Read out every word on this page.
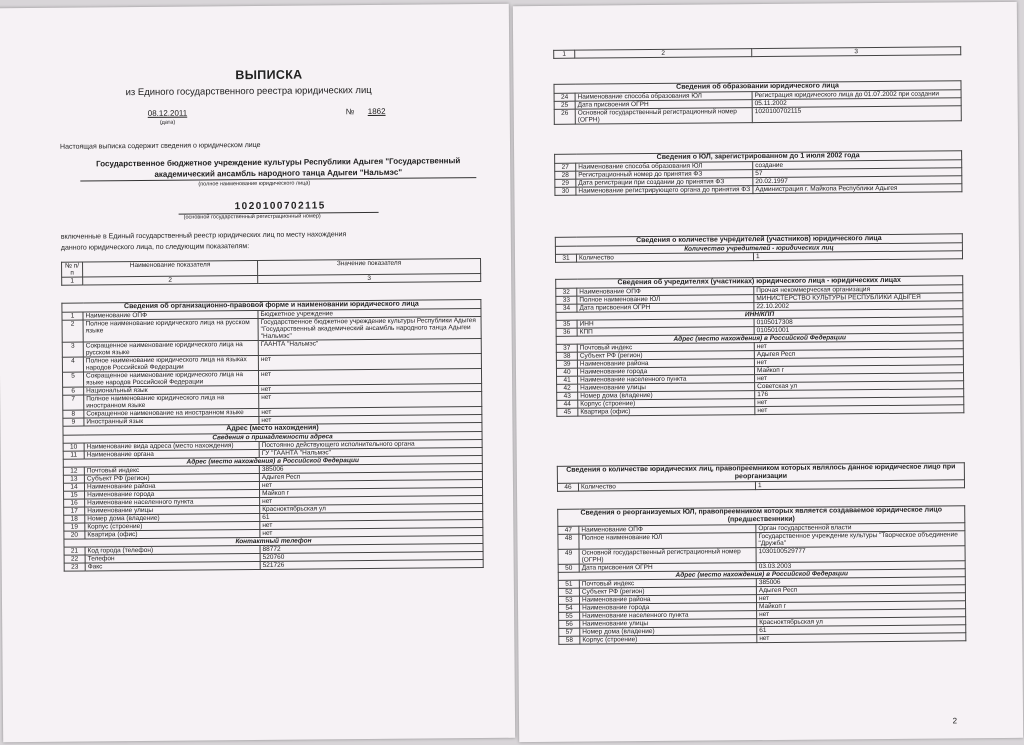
ВЫПИСКА
из Единого государственного реестра юридических лиц
08.12.2011
(дата)
№ 1862
Настоящая выписка содержит сведения о юридическом лице
Государственное бюджетное учреждение культуры Республики Адыгея "Государственный академический ансамбль народного танца Адыгеи "Нальмэс"
(полное наименование юридического лица)
1020100702115
(основной государственный регистрационный номер)
включенные в Единый государственный реестр юридических лиц по месту нахождения данного юридического лица, по следующим показателям:
№ п/п	Наименование показателя	Значение показателя
1	2	3
Сведения об организационно-правовой форме и наименовании юридического лица		
1	Наименование ОПФ	Бюджетное учреждение
2	Полное наименование юридического лица на русском языке	Государственное бюджетное учреждение культуры Республики Адыгея "Государственный академический ансамбль народного танца Адыгеи "Нальмэс"
3	Сокращенное наименование юридического лица на русском языке	ГААНТА "Нальмэс"
4	Полное наименование юридического лица на языках народов Российской Федерации	нет
5	Сокращенное наименование юридического лица на языке народов Российской Федерации	нет
6	Национальный язык	нет
7	Полное наименование юридического лица на иностранном языке	нет
8	Сокращенное наименование на иностранном языке	нет
9	Иностранный язык	нет
Адрес (место нахождения)		
Сведения о принадлежности адреса		
10	Наименование вида адреса (место нахождения)	Постоянно действующего исполнительного органа
11	Наименование органа	ГУ "ГААНТА "Нальмэс"
Адрес (место нахождения) в Российской Федерации		
12	Почтовый индекс	385006
13	Субъект РФ (регион)	Адыгея Респ
14	Наименование района	нет
15	Наименование города	Майкоп г
16	Наименование населенного пункта	нет
17	Наименование улицы	Красноктябрьская ул
18	Номер дома (владение)	61
19	Корпус (строение)	нет
20	Квартира (офис)	нет
Контактный телефон		
21	Код города (телефон)	88772
22	Телефон	520760
23	Факс	521726
1	2	3
Сведения об образовании юридического лица		
24	Наименование способа образования ЮЛ	Регистрация юридического лица до 01.07.2002 при создании
25	Дата присвоения ОГРН	05.11.2002
26	Основной государственный регистрационный номер (ОГРН)	1020100702115
Сведения о ЮЛ, зарегистрированном до 1 июля 2002 года		
27	Наименование способа образования ЮЛ	создание
28	Регистрационный номер до принятия ФЗ	57
29	Дата регистрации при создании до принятия ФЗ	20.02.1997
30	Наименование регистрирующего органа до принятия ФЗ	Администрация г. Майкопа Республики Адыгея
Сведения о количестве учредителей (участников) юридического лица
Количество учредителей - юридических лиц
31	Количество	1
Сведения об учредителях (участниках) юридического лица - юридических лицах		
32	Наименование ОПФ	Прочая некоммерческая организация
33	Полное наименование ЮЛ	МИНИСТЕРСТВО КУЛЬТУРЫ РЕСПУБЛИКИ АДЫГЕЯ
34	Дата присвоения ОГРН	22.10.2002
ИНН/КПП		
35	ИНН	0105017308
36	КПП	010501001
Адрес (место нахождения) в Российской Федерации		
37	Почтовый индекс	нет
38	Субъект РФ (регион)	Адыгея Респ
39	Наименование района	нет
40	Наименование города	Майкоп г
41	Наименование населенного пункта	нет
42	Наименование улицы	Советская ул
43	Номер дома (владение)	176
44	Корпус (строение)	нет
45	Квартира (офис)	нет
Сведения о количестве юридических лиц, правопреемником которых являлось данное юридическое лицо при реорганизации
46	Количество	1
Сведения о реорганизуемых ЮЛ, правопреемником которых является создаваемое юридическое лицо (предшественники)		
47	Наименование ОПФ	Орган государственной власти
48	Полное наименование ЮЛ	Государственное учреждение культуры "Творческое объединение "Дружба"
49	Основной государственный регистрационный номер (ОГРН)	1030100529777
50	Дата присвоения ОГРН	03.03.2003
Адрес (место нахождения) в Российской Федерации		
51	Почтовый индекс	385006
52	Субъект РФ (регион)	Адыгея Респ
53	Наименование района	нет
54	Наименование города	Майкоп г
55	Наименование населенного пункта	нет
56	Наименование улицы	Красноктябрьская ул
57	Номер дома (владение)	61
58	Корпус (строение)	нет
2
